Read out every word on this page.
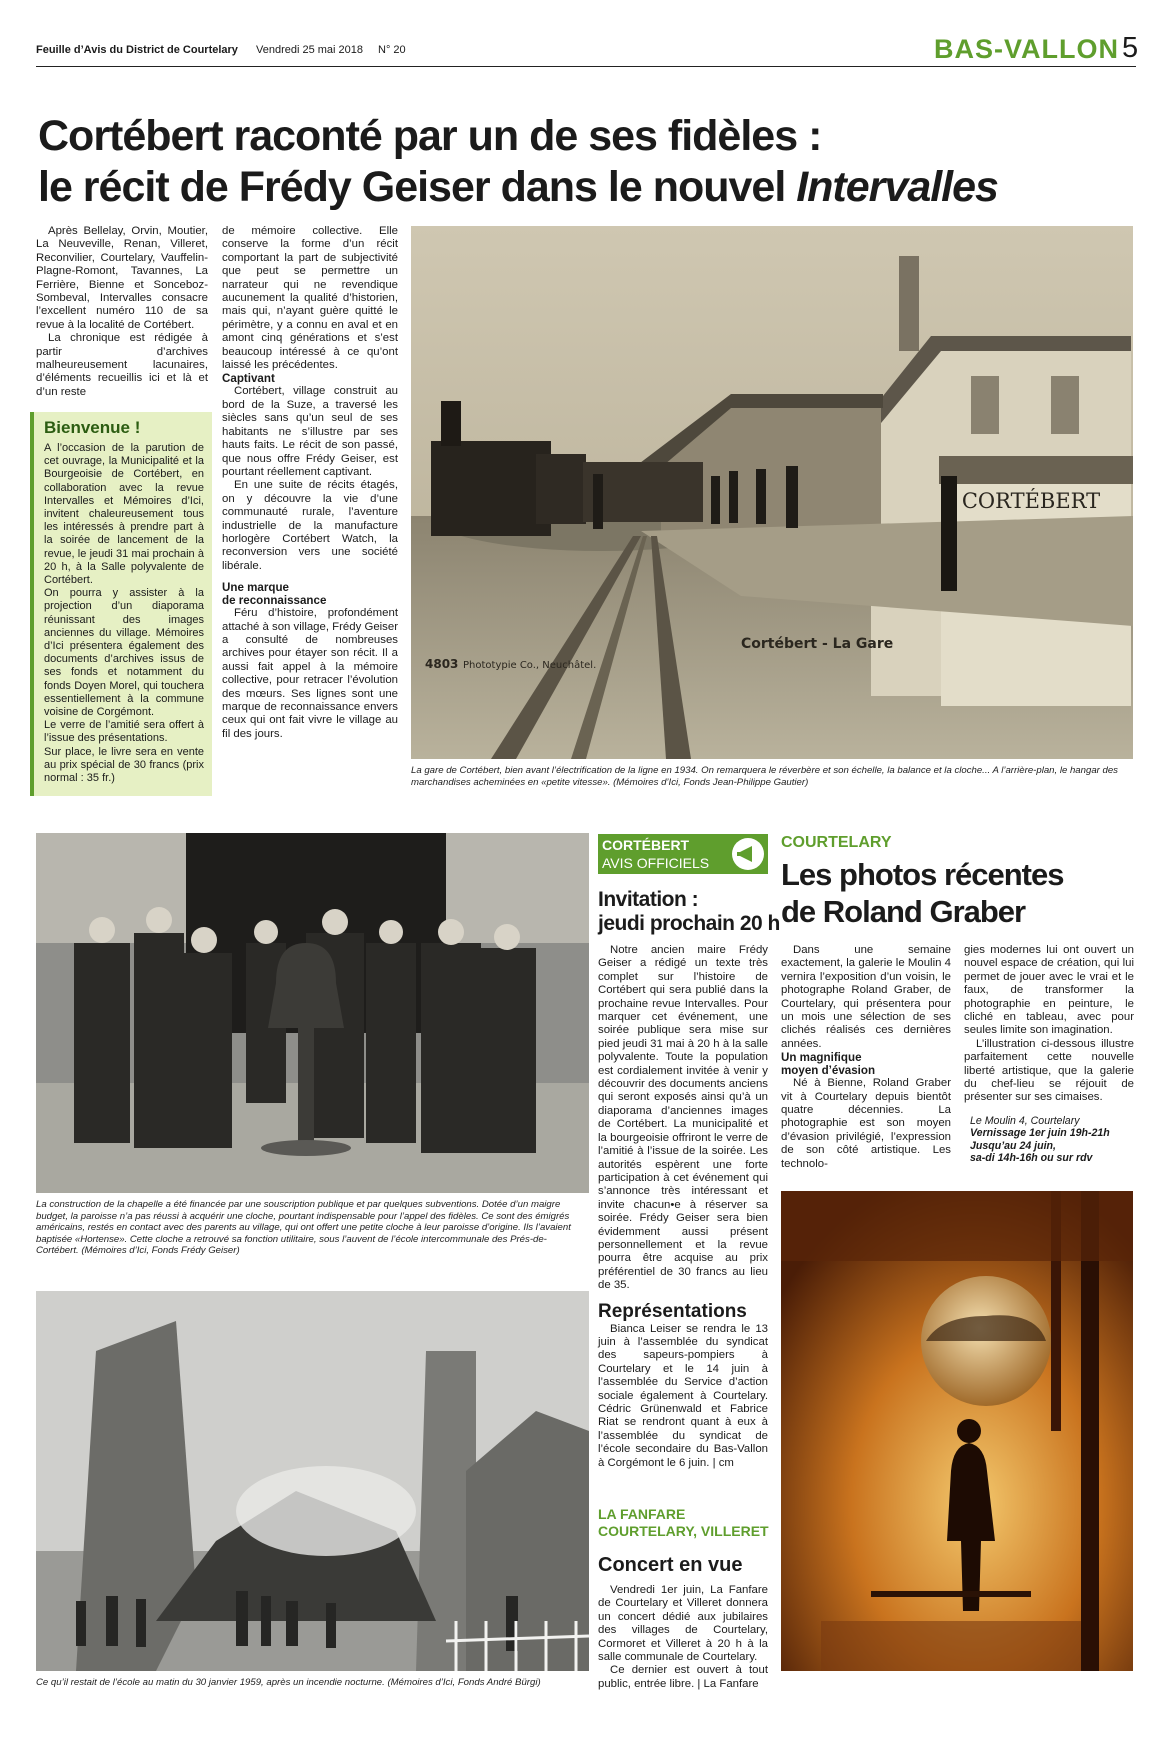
Feuille d’Avis du District de Courtelary Vendredi 25 mai 2018 N° 20	BAS-VALLON 5
Cortébert raconté par un de ses fidèles :
le récit de Frédy Geiser dans le nouvel Intervalles

Après Bellelay, Orvin, Moutier, La Neuveville, Renan, Villeret, Reconvilier, Courtelary, Vauffelin-Plagne-Romont, Tavannes, La Ferrière, Bienne et Sonceboz-Sombeval, Intervalles consacre l’excellent numéro 110 de sa revue à la localité de Cortébert.

La chronique est rédigée à partir d’archives malheureusement lacunaires, d’éléments recueillis ici et là et d’un reste

Bienvenue !

A l’occasion de la parution de cet ouvrage, la Municipalité et la Bourgeoisie de Cortébert, en collaboration avec la revue Intervalles et Mémoires d’Ici, invitent chaleureusement tous les intéressés à prendre part à la soirée de lancement de la revue, le jeudi 31 mai prochain à 20 h, à la Salle polyvalente de Cortébert.

On pourra y assister à la projection d’un diaporama réunissant des images anciennes du village. Mémoires d’Ici présentera également des documents d’archives issus de ses fonds et notamment du fonds Doyen Morel, qui touchera essentiellement à la commune voisine de Corgémont.

Le verre de l’amitié sera offert à l’issue des présentations.

Sur place, le livre sera en vente au prix spécial de 30 francs (prix normal : 35 fr.)

de mémoire collective. Elle conserve la forme d’un récit comportant la part de subjectivité que peut se permettre un narrateur qui ne revendique aucunement la qualité d’historien, mais qui, n’ayant guère quitté le périmètre, y a connu en aval et en amont cinq générations et s’est beaucoup intéressé à ce qu’ont laissé les précédentes.

Captivant

Cortébert, village construit au bord de la Suze, a traversé les siècles sans qu’un seul de ses habitants ne s’illustre par ses hauts faits. Le récit de son passé, que nous offre Frédy Geiser, est pourtant réellement captivant.

En une suite de récits étagés, on y découvre la vie d’une communauté rurale, l’aventure industrielle de la manufacture horlogère Cortébert Watch, la reconversion vers une société libérale.

Une marque
de reconnaissance

Féru d’histoire, profondément attaché à son village, Frédy Geiser a consulté de nombreuses archives pour étayer son récit. Il a aussi fait appel à la mémoire collective, pour retracer l’évolution des mœurs. Ses lignes sont une marque de reconnaissance envers ceux qui ont fait vivre le village au fil des jours.

CORTÉBERT
4803 Phototypie Co., Neuchâtel.
Cortébert - La Gare
La gare de Cortébert, bien avant l’électrification de la ligne en 1934. On remarquera le réverbère et son échelle, la balance et la cloche... A l’arrière-plan, le hangar des marchandises acheminées en «petite vitesse». (Mémoires d’Ici, Fonds Jean-Philippe Gautier)
La construction de la chapelle a été financée par une souscription publique et par quelques subventions. Dotée d’un maigre budget, la paroisse n’a pas réussi à acquérir une cloche, pourtant indispensable pour l’appel des fidèles. Ce sont des émigrés américains, restés en contact avec des parents au village, qui ont offert une petite cloche à leur paroisse d’origine. Ils l’avaient baptisée «Hortense». Cette cloche a retrouvé sa fonction utilitaire, sous l’auvent de l’école intercommunale des Prés-de-Cortébert. (Mémoires d’Ici, Fonds Frédy Geiser)
Ce qu’il restait de l’école au matin du 30 janvier 1959, après un incendie nocturne. (Mémoires d’Ici, Fonds André Bürgi)
CORTÉBERT
AVIS OFFICIELS
Invitation :
jeudi prochain 20 h

Notre ancien maire Frédy Geiser a rédigé un texte très complet sur l’histoire de Cortébert qui sera publié dans la prochaine revue Intervalles. Pour marquer cet événement, une soirée publique sera mise sur pied jeudi 31 mai à 20 h à la salle polyvalente. Toute la population est cordialement invitée à venir y découvrir des documents anciens qui seront exposés ainsi qu’à un diaporama d’anciennes images de Cortébert. La municipalité et la bourgeoisie offriront le verre de l’amitié à l’issue de la soirée. Les autorités espèrent une forte participation à cet événement qui s’annonce très intéressant et invite chacun•e à réserver sa soirée. Frédy Geiser sera bien évidemment aussi présent personnellement et la revue pourra être acquise au prix préférentiel de 30 francs au lieu de 35.

Représentations

Bianca Leiser se rendra le 13 juin à l’assemblée du syndicat des sapeurs-pompiers à Courtelary et le 14 juin à l’assemblée du Service d’action sociale également à Courtelary. Cédric Grünenwald et Fabrice Riat se rendront quant à eux à l’assemblée du syndicat de l’école secondaire du Bas-Vallon à Corgémont le 6 juin. | cm

LA FANFARE
COURTELARY, VILLERET
Concert en vue

Vendredi 1er juin, La Fanfare de Courtelary et Villeret donnera un concert dédié aux jubilaires des villages de Courtelary, Cormoret et Villeret à 20 h à la salle communale de Courtelary.

Ce dernier est ouvert à tout public, entrée libre. | La Fanfare

COURTELARY
Les photos récentes
de Roland Graber

Dans une semaine exactement, la galerie le Moulin 4 vernira l’exposition d’un voisin, le photographe Roland Graber, de Courtelary, qui présentera pour un mois une sélection de ses clichés réalisés ces dernières années.

Un magnifique
moyen d’évasion

Né à Bienne, Roland Graber vit à Courtelary depuis bientôt quatre décennies. La photographie est son moyen d’évasion privilégié, l’expression de son côté artistique. Les technolo-

gies modernes lui ont ouvert un nouvel espace de création, qui lui permet de jouer avec le vrai et le faux, de transformer la photographie en peinture, le cliché en tableau, avec pour seules limite son imagination.

L’illustration ci-dessous illustre parfaitement cette nouvelle liberté artistique, que la galerie du chef-lieu se réjouit de présenter sur ses cimaises.

Le Moulin 4, Courtelary
Vernissage 1er juin 19h-21h
Jusqu’au 24 juin,
sa-di 14h-16h ou sur rdv
